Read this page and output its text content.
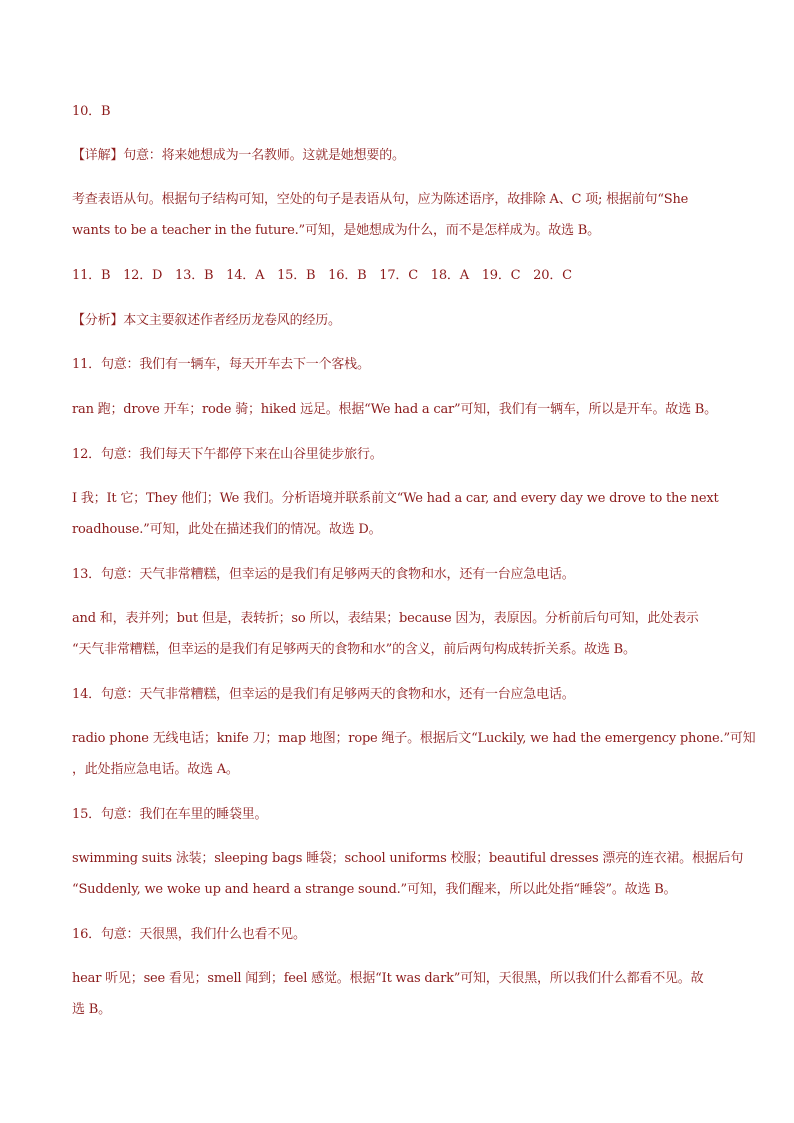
10．B
【详解】句意：将来她想成为一名教师。这就是她想要的。
考查表语从句。根据句子结构可知，空处的句子是表语从句，应为陈述语序，故排除 A、C 项; 根据前句“She
wants to be a teacher in the future.”可知，是她想成为什么，而不是怎样成为。故选 B。
11．B　12．D　13．B　14．A　15．B　16．B　17．C　18．A　19．C　20．C
【分析】本文主要叙述作者经历龙卷风的经历。
11．句意：我们有一辆车，每天开车去下一个客栈。
ran 跑；drove 开车；rode 骑；hiked 远足。根据“We had a car”可知，我们有一辆车，所以是开车。故选 B。
12．句意：我们每天下午都停下来在山谷里徒步旅行。
I 我；It 它；They 他们；We 我们。分析语境并联系前文“We had a car, and every day we drove to the next
roadhouse.”可知，此处在描述我们的情况。故选 D。
13．句意：天气非常糟糕，但幸运的是我们有足够两天的食物和水，还有一台应急电话。
and 和，表并列；but 但是，表转折；so 所以，表结果；because 因为，表原因。分析前后句可知，此处表示
“天气非常糟糕，但幸运的是我们有足够两天的食物和水”的含义，前后两句构成转折关系。故选 B。
14．句意：天气非常糟糕，但幸运的是我们有足够两天的食物和水，还有一台应急电话。
radio phone 无线电话；knife 刀；map 地图；rope 绳子。根据后文“Luckily, we had the emergency phone.”可知
，此处指应急电话。故选 A。
15．句意：我们在车里的睡袋里。
swimming suits 泳装；sleeping bags 睡袋；school uniforms 校服；beautiful dresses 漂亮的连衣裙。根据后句
“Suddenly, we woke up and heard a strange sound.”可知，我们醒来，所以此处指“睡袋”。故选 B。
16．句意：天很黑，我们什么也看不见。
hear 听见；see 看见；smell 闻到；feel 感觉。根据“It was dark”可知，天很黑，所以我们什么都看不见。故
选 B。
